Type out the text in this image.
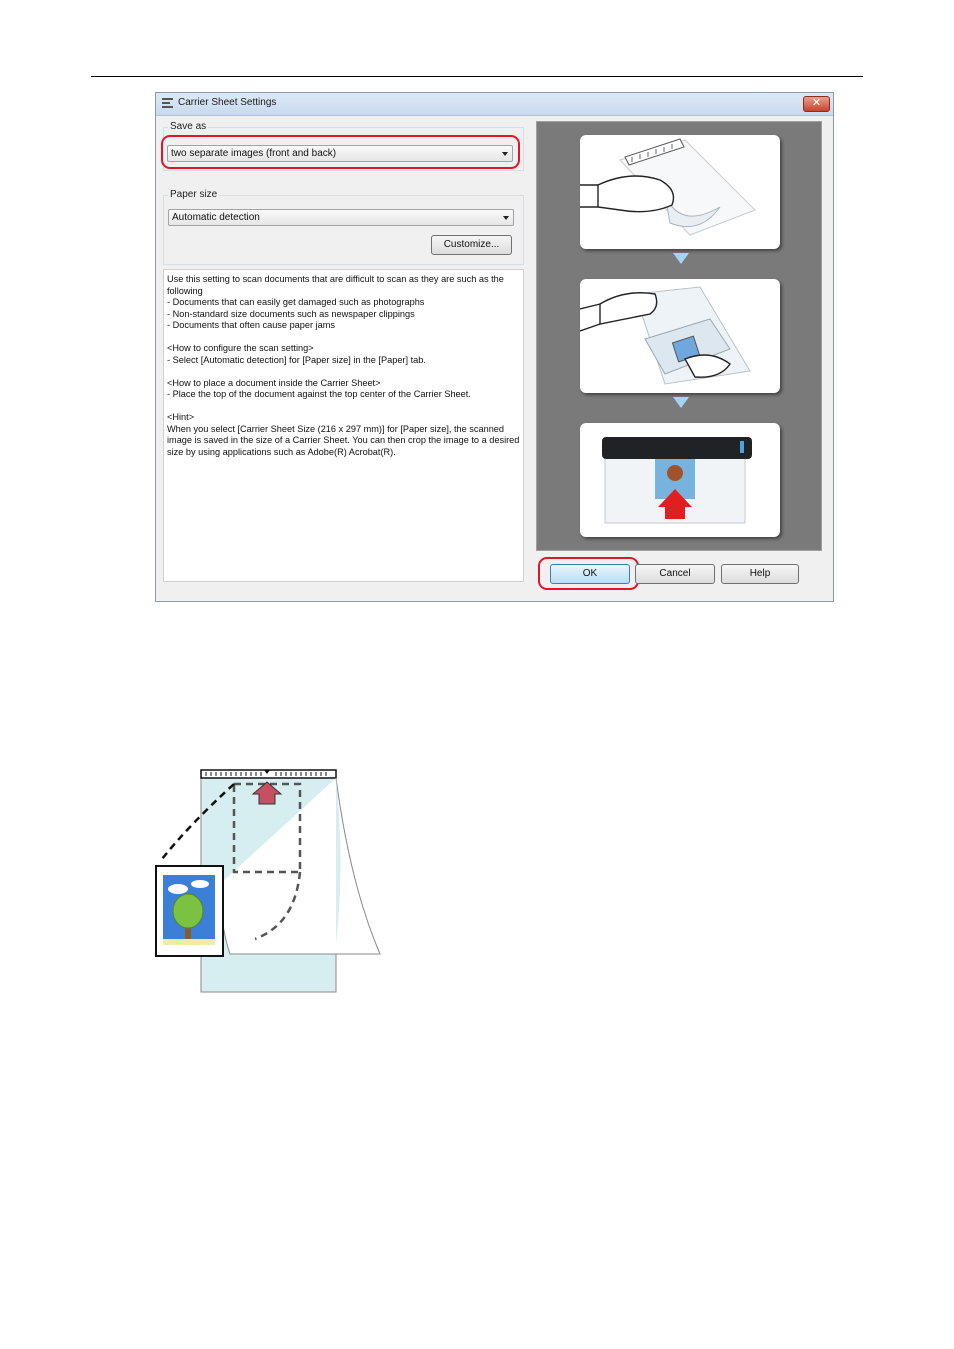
Carrier Sheet Settings	✕
Save as
two separate images (front and back)
Paper size
Automatic detection
Customize...
Use this setting to scan documents that are difficult to scan as they are such as the following
- Documents that can easily get damaged such as photographs
- Non-standard size documents such as newspaper clippings
- Documents that often cause paper jams

<How to configure the scan setting>
- Select [Automatic detection] for [Paper size] in the [Paper] tab.

<How to place a document inside the Carrier Sheet>
- Place the top of the document against the top center of the Carrier Sheet.

<Hint>
When you select [Carrier Sheet Size (216 x 297 mm)] for [Paper size], the scanned image is saved in the size of a Carrier Sheet. You can then crop the image to a desired size by using applications such as Adobe(R) Acrobat(R).
OK	Cancel	Help
